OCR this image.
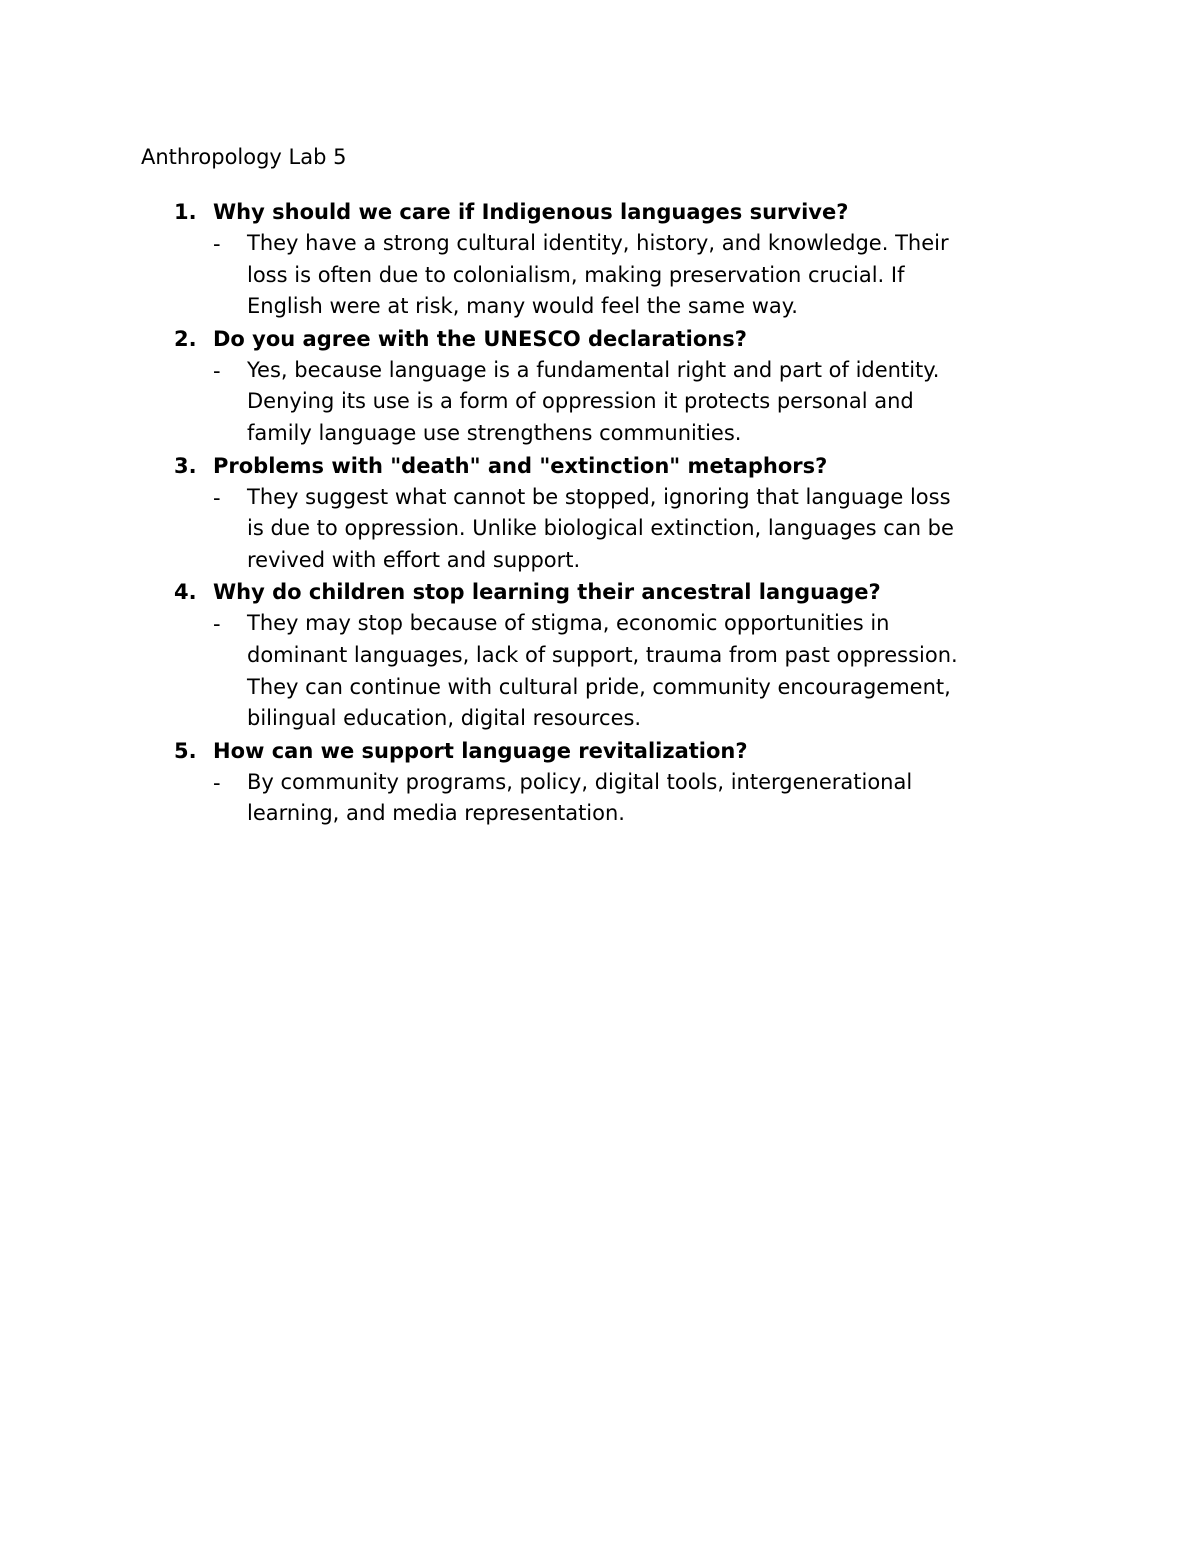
Anthropology Lab 5
1. Why should we care if Indigenous languages survive?
- They have a strong cultural identity, history, and knowledge. Their
loss is often due to colonialism, making preservation crucial. If
English were at risk, many would feel the same way.

2. Do you agree with the UNESCO declarations?
- Yes, because language is a fundamental right and part of identity.
Denying its use is a form of oppression it protects personal and
family language use strengthens communities.

3. Problems with "death" and "extinction" metaphors?
- They suggest what cannot be stopped, ignoring that language loss
is due to oppression. Unlike biological extinction, languages can be
revived with effort and support.

4. Why do children stop learning their ancestral language?
- They may stop because of stigma, economic opportunities in
dominant languages, lack of support, trauma from past oppression.
They can continue with cultural pride, community encouragement,
bilingual education, digital resources.

5. How can we support language revitalization?
- By community programs, policy, digital tools, intergenerational
learning, and media representation.
